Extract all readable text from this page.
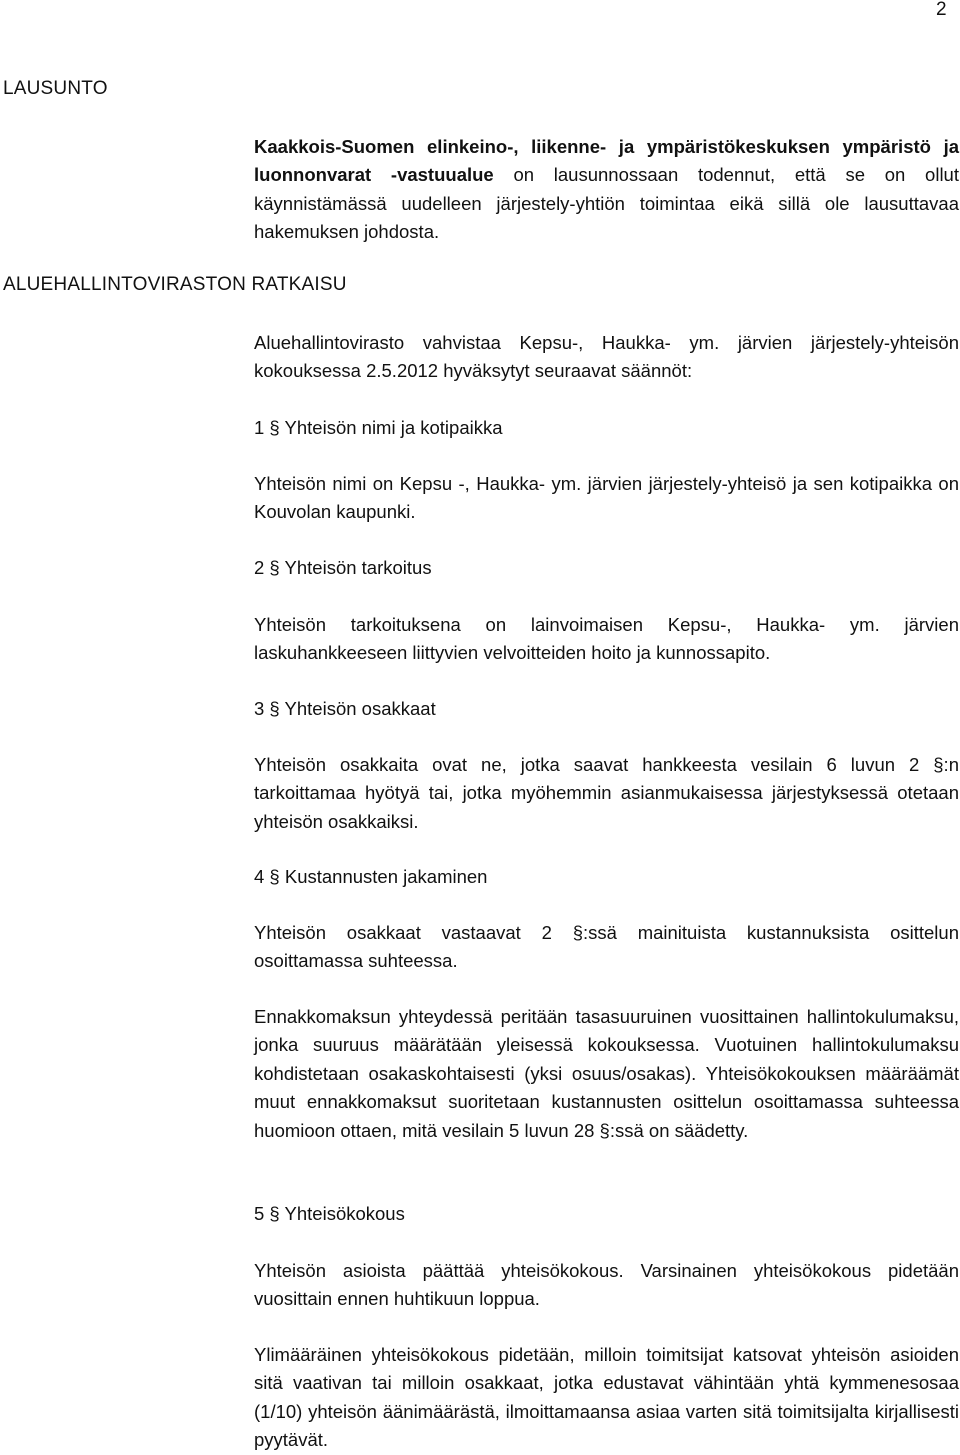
2
LAUSUNTO
Kaakkois-Suomen elinkeino-, liikenne- ja ympäristökeskuksen ympäristö ja luonnonvarat -vastuualue on lausunnossaan todennut, että se on ollut käynnistämässä uudelleen järjestely-yhtiön toimintaa eikä sillä ole lausuttavaa hakemuksen johdosta.
ALUEHALLINTOVIRASTON RATKAISU
Aluehallintovirasto vahvistaa Kepsu-, Haukka- ym. järvien järjestely-yhteisön kokouksessa 2.5.2012 hyväksytyt seuraavat säännöt:
1 § Yhteisön nimi ja kotipaikka
Yhteisön nimi on Kepsu -, Haukka- ym. järvien järjestely-yhteisö ja sen kotipaikka on Kouvolan kaupunki.
2 § Yhteisön tarkoitus
Yhteisön tarkoituksena on lainvoimaisen Kepsu-, Haukka- ym. järvien laskuhankkeeseen liittyvien velvoitteiden hoito ja kunnossapito.
3 § Yhteisön osakkaat
Yhteisön osakkaita ovat ne, jotka saavat hankkeesta vesilain 6 luvun 2 §:n tarkoittamaa hyötyä tai, jotka myöhemmin asianmukaisessa järjestyksessä otetaan yhteisön osakkaiksi.
4 § Kustannusten jakaminen
Yhteisön osakkaat vastaavat 2 §:ssä mainituista kustannuksista osittelun osoittamassa suhteessa.
Ennakkomaksun yhteydessä peritään tasasuuruinen vuosittainen hallintokulumaksu, jonka suuruus määrätään yleisessä kokouksessa. Vuotuinen hallintokulumaksu kohdistetaan osakaskohtaisesti (yksi osuus/osakas). Yhteisökokouksen määräämät muut ennakkomaksut suoritetaan kustannusten osittelun osoittamassa suhteessa huomioon ottaen, mitä vesilain 5 luvun 28 §:ssä on säädetty.
5 § Yhteisökokous
Yhteisön asioista päättää yhteisökokous. Varsinainen yhteisökokous pidetään vuosittain ennen huhtikuun loppua.
Ylimääräinen yhteisökokous pidetään, milloin toimitsijat katsovat yhteisön asioiden sitä vaativan tai milloin osakkaat, jotka edustavat vähintään yhtä kymmenesosaa (1/10) yhteisön äänimäärästä, ilmoittamaansa asiaa varten sitä toimitsijalta kirjallisesti pyytävät.
